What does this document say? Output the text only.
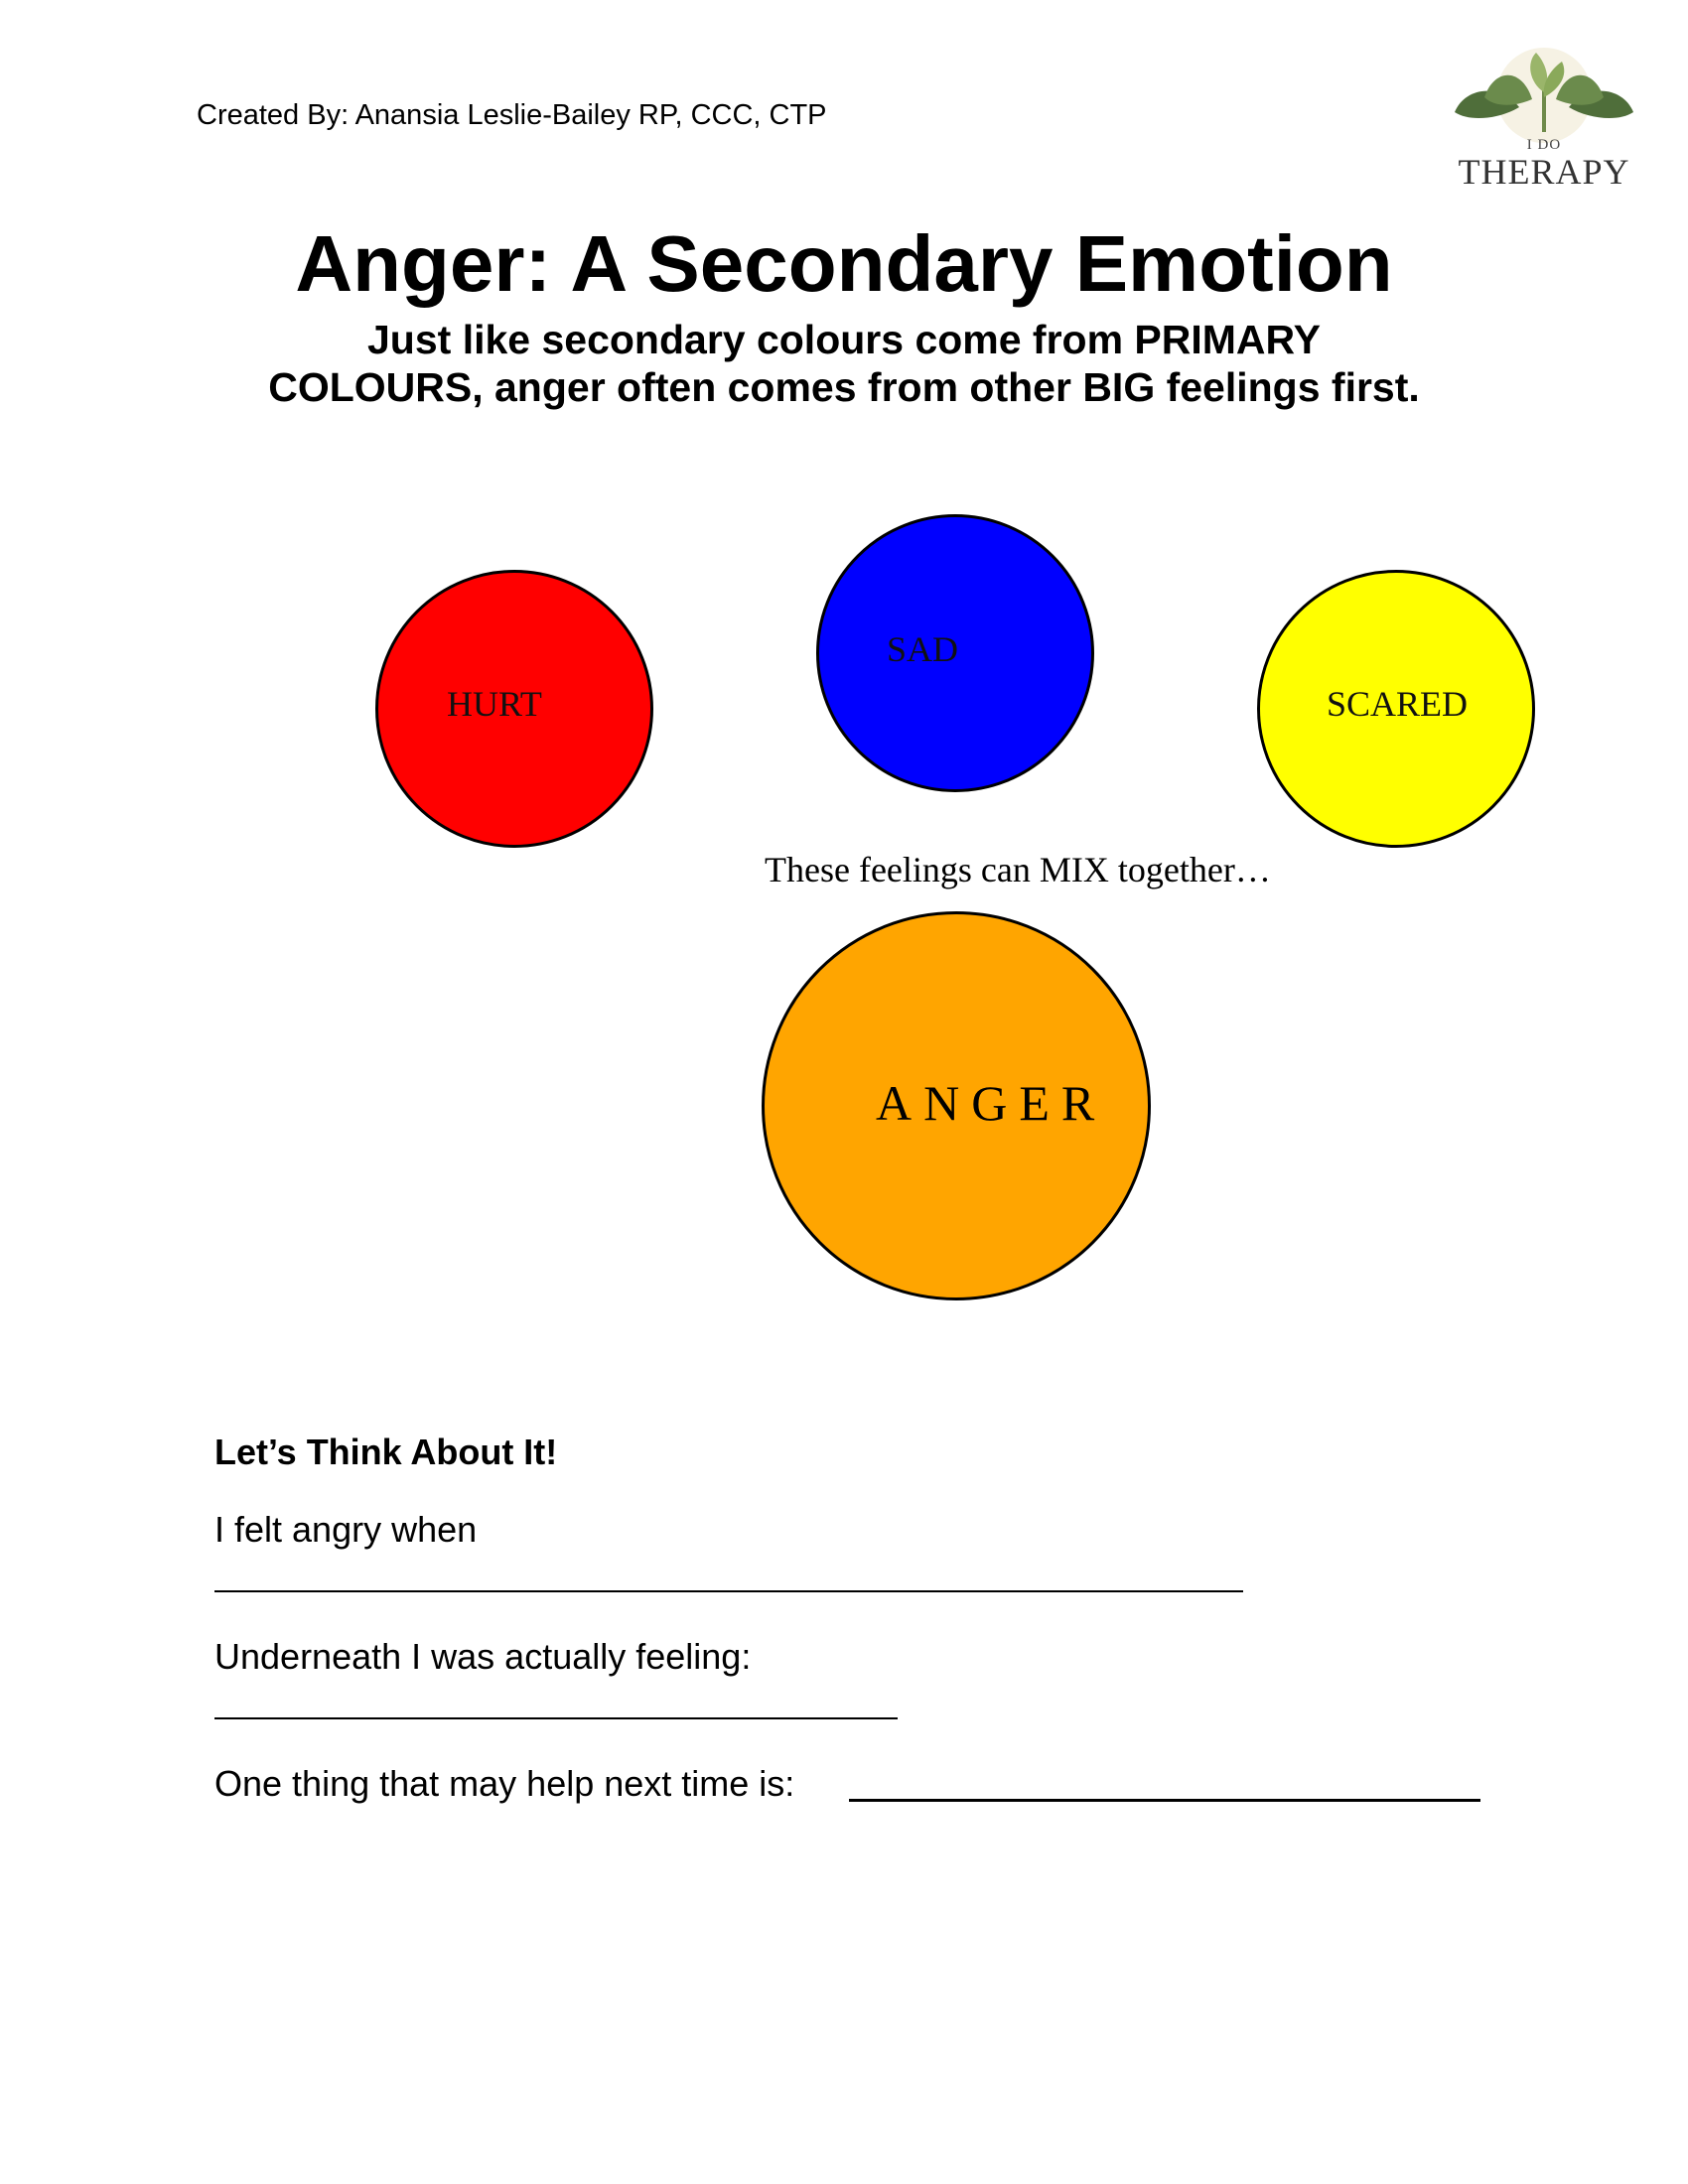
Created By: Anansia Leslie-Bailey RP, CCC, CTP
I DO
THERAPY
Anger: A Secondary Emotion
Just like secondary colours come from PRIMARY
COLOURS, anger often comes from other BIG feelings first.
HURT
SAD
SCARED
These feelings can MIX together…
ANGER
Let’s Think About It!
I felt angry when
Underneath I was actually feeling:
One thing that may help next time is:
